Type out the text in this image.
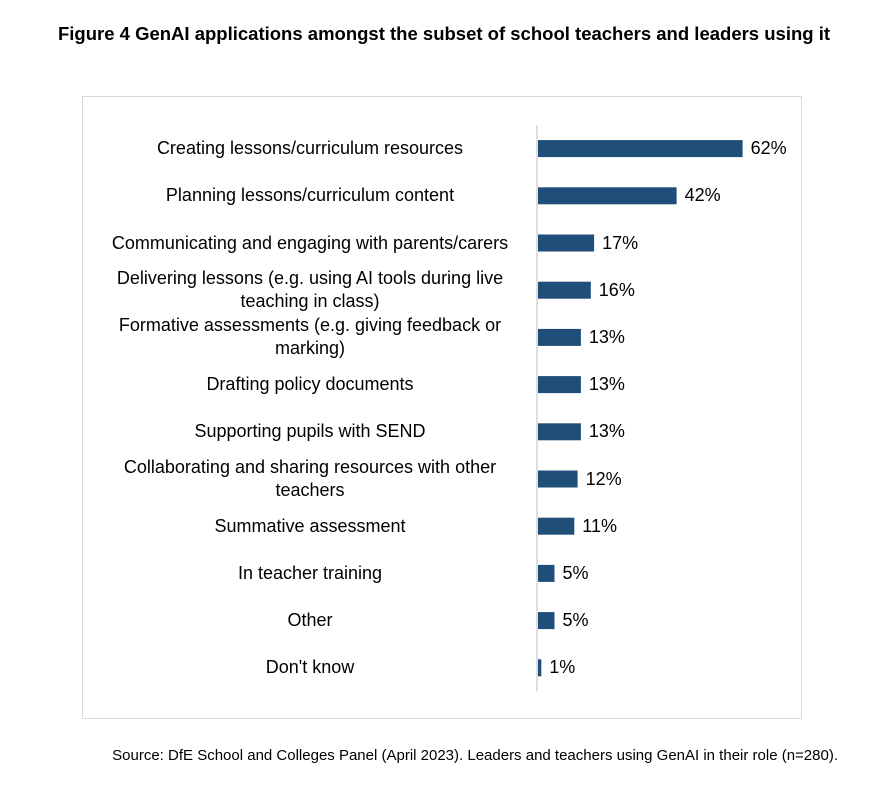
Figure 4 GenAI applications amongst the subset of school teachers and leaders using it
Creating lessons/curriculum resources	62%
Planning lessons/curriculum content	42%
Communicating and engaging with parents/carers	17%
Delivering lessons (e.g. using AI tools during live teaching in class)
16%
Formative assessments (e.g. giving feedback or marking)
13%
Drafting policy documents	13%
Supporting pupils with SEND	13%
Collaborating and sharing resources with other teachers
12%
Summative assessment	11%
In teacher training	5%
Other	5%
Don't know	1%
Source: DfE School and Colleges Panel (April 2023). Leaders and teachers using GenAI in their role (n=280).
